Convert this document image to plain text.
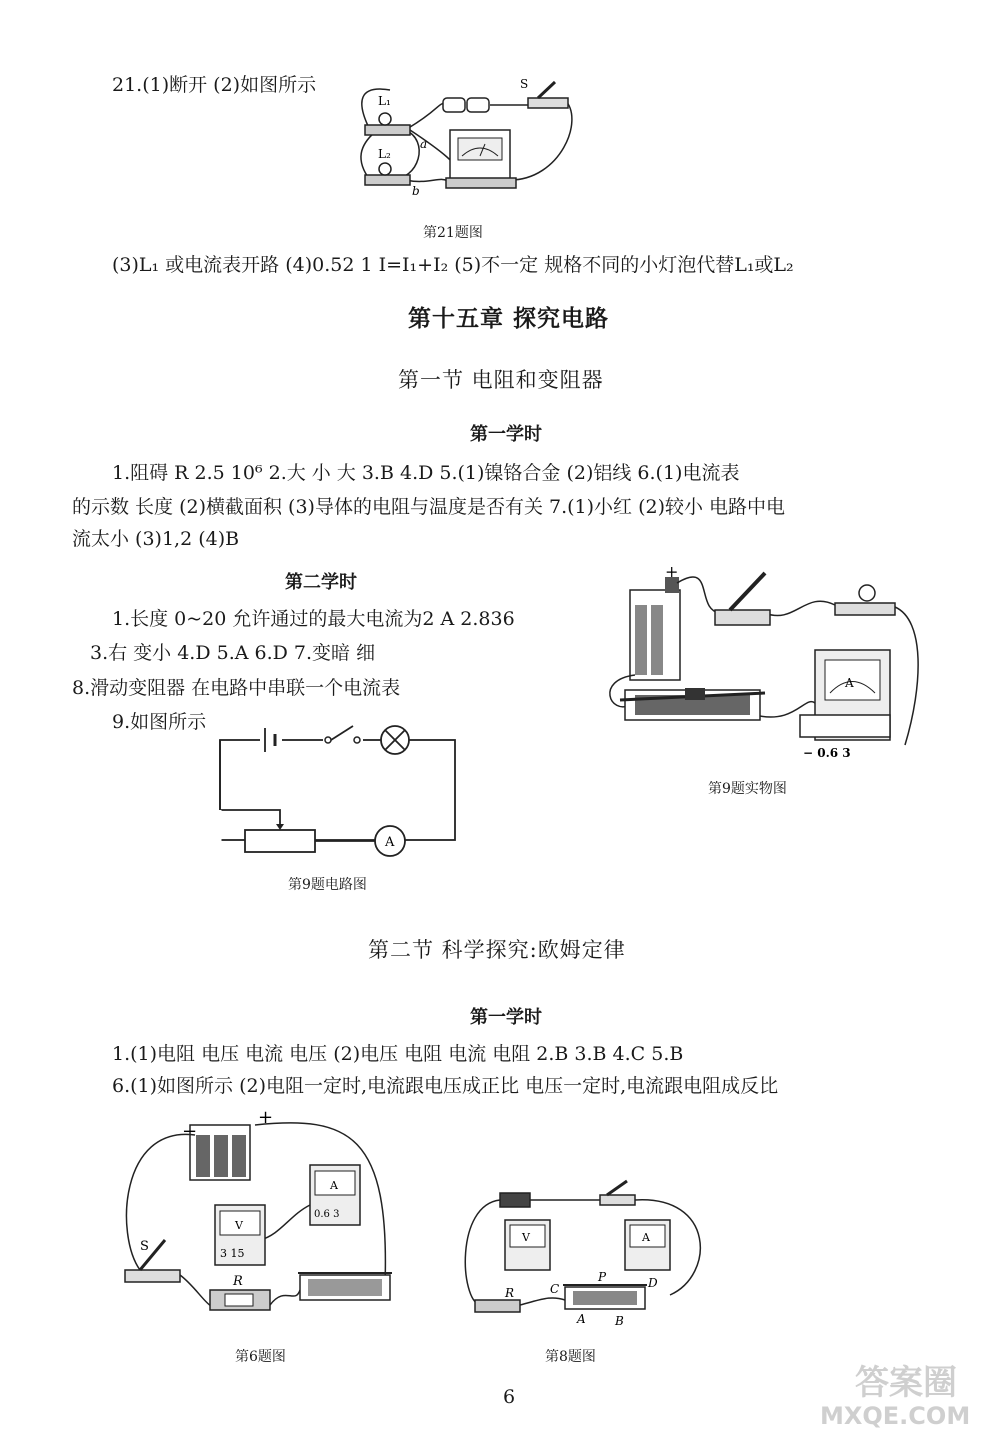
21.(1)断开 (2)如图所示	S
L₁
L₂
a
b
第21题图
(3)L₁ 或电流表开路 (4)0.52 1 I=I₁+I₂ (5)不一定 规格不同的小灯泡代替L₁或L₂
第十五章 探究电路
第一节 电阻和变阻器
第一学时
1.阻碍 R 2.5 10⁶ 2.大 小 大 3.B 4.D 5.(1)镍铬合金 (2)铝线 6.(1)电流表
的示数 长度 (2)横截面积 (3)导体的电阻与温度是否有关 7.(1)小红 (2)较小 电路中电
流太小 (3)1,2 (4)B
第二学时
1.长度 0~20 允许通过的最大电流为2 A 2.836
3.右 变小 4.D 5.A 6.D 7.变暗 细
8.滑动变阻器 在电路中串联一个电流表
9.如图所示
A
第9题电路图
+
A
− 0.6 3
第9题实物图
第二节 科学探究:欧姆定律
第一学时
1.(1)电阻 电压 电流 电压 (2)电压 电阻 电流 电阻 2.B 3.B 4.C 5.B
6.(1)如图所示 (2)电阻一定时,电流跟电压成正比 电压一定时,电流跟电阻成反比
−
+
S
V
3 15
A
0.6 3
R
第6题图
V	A
R	C	D
P
A B
第8题图
6	答案圈
MXQE.COM
